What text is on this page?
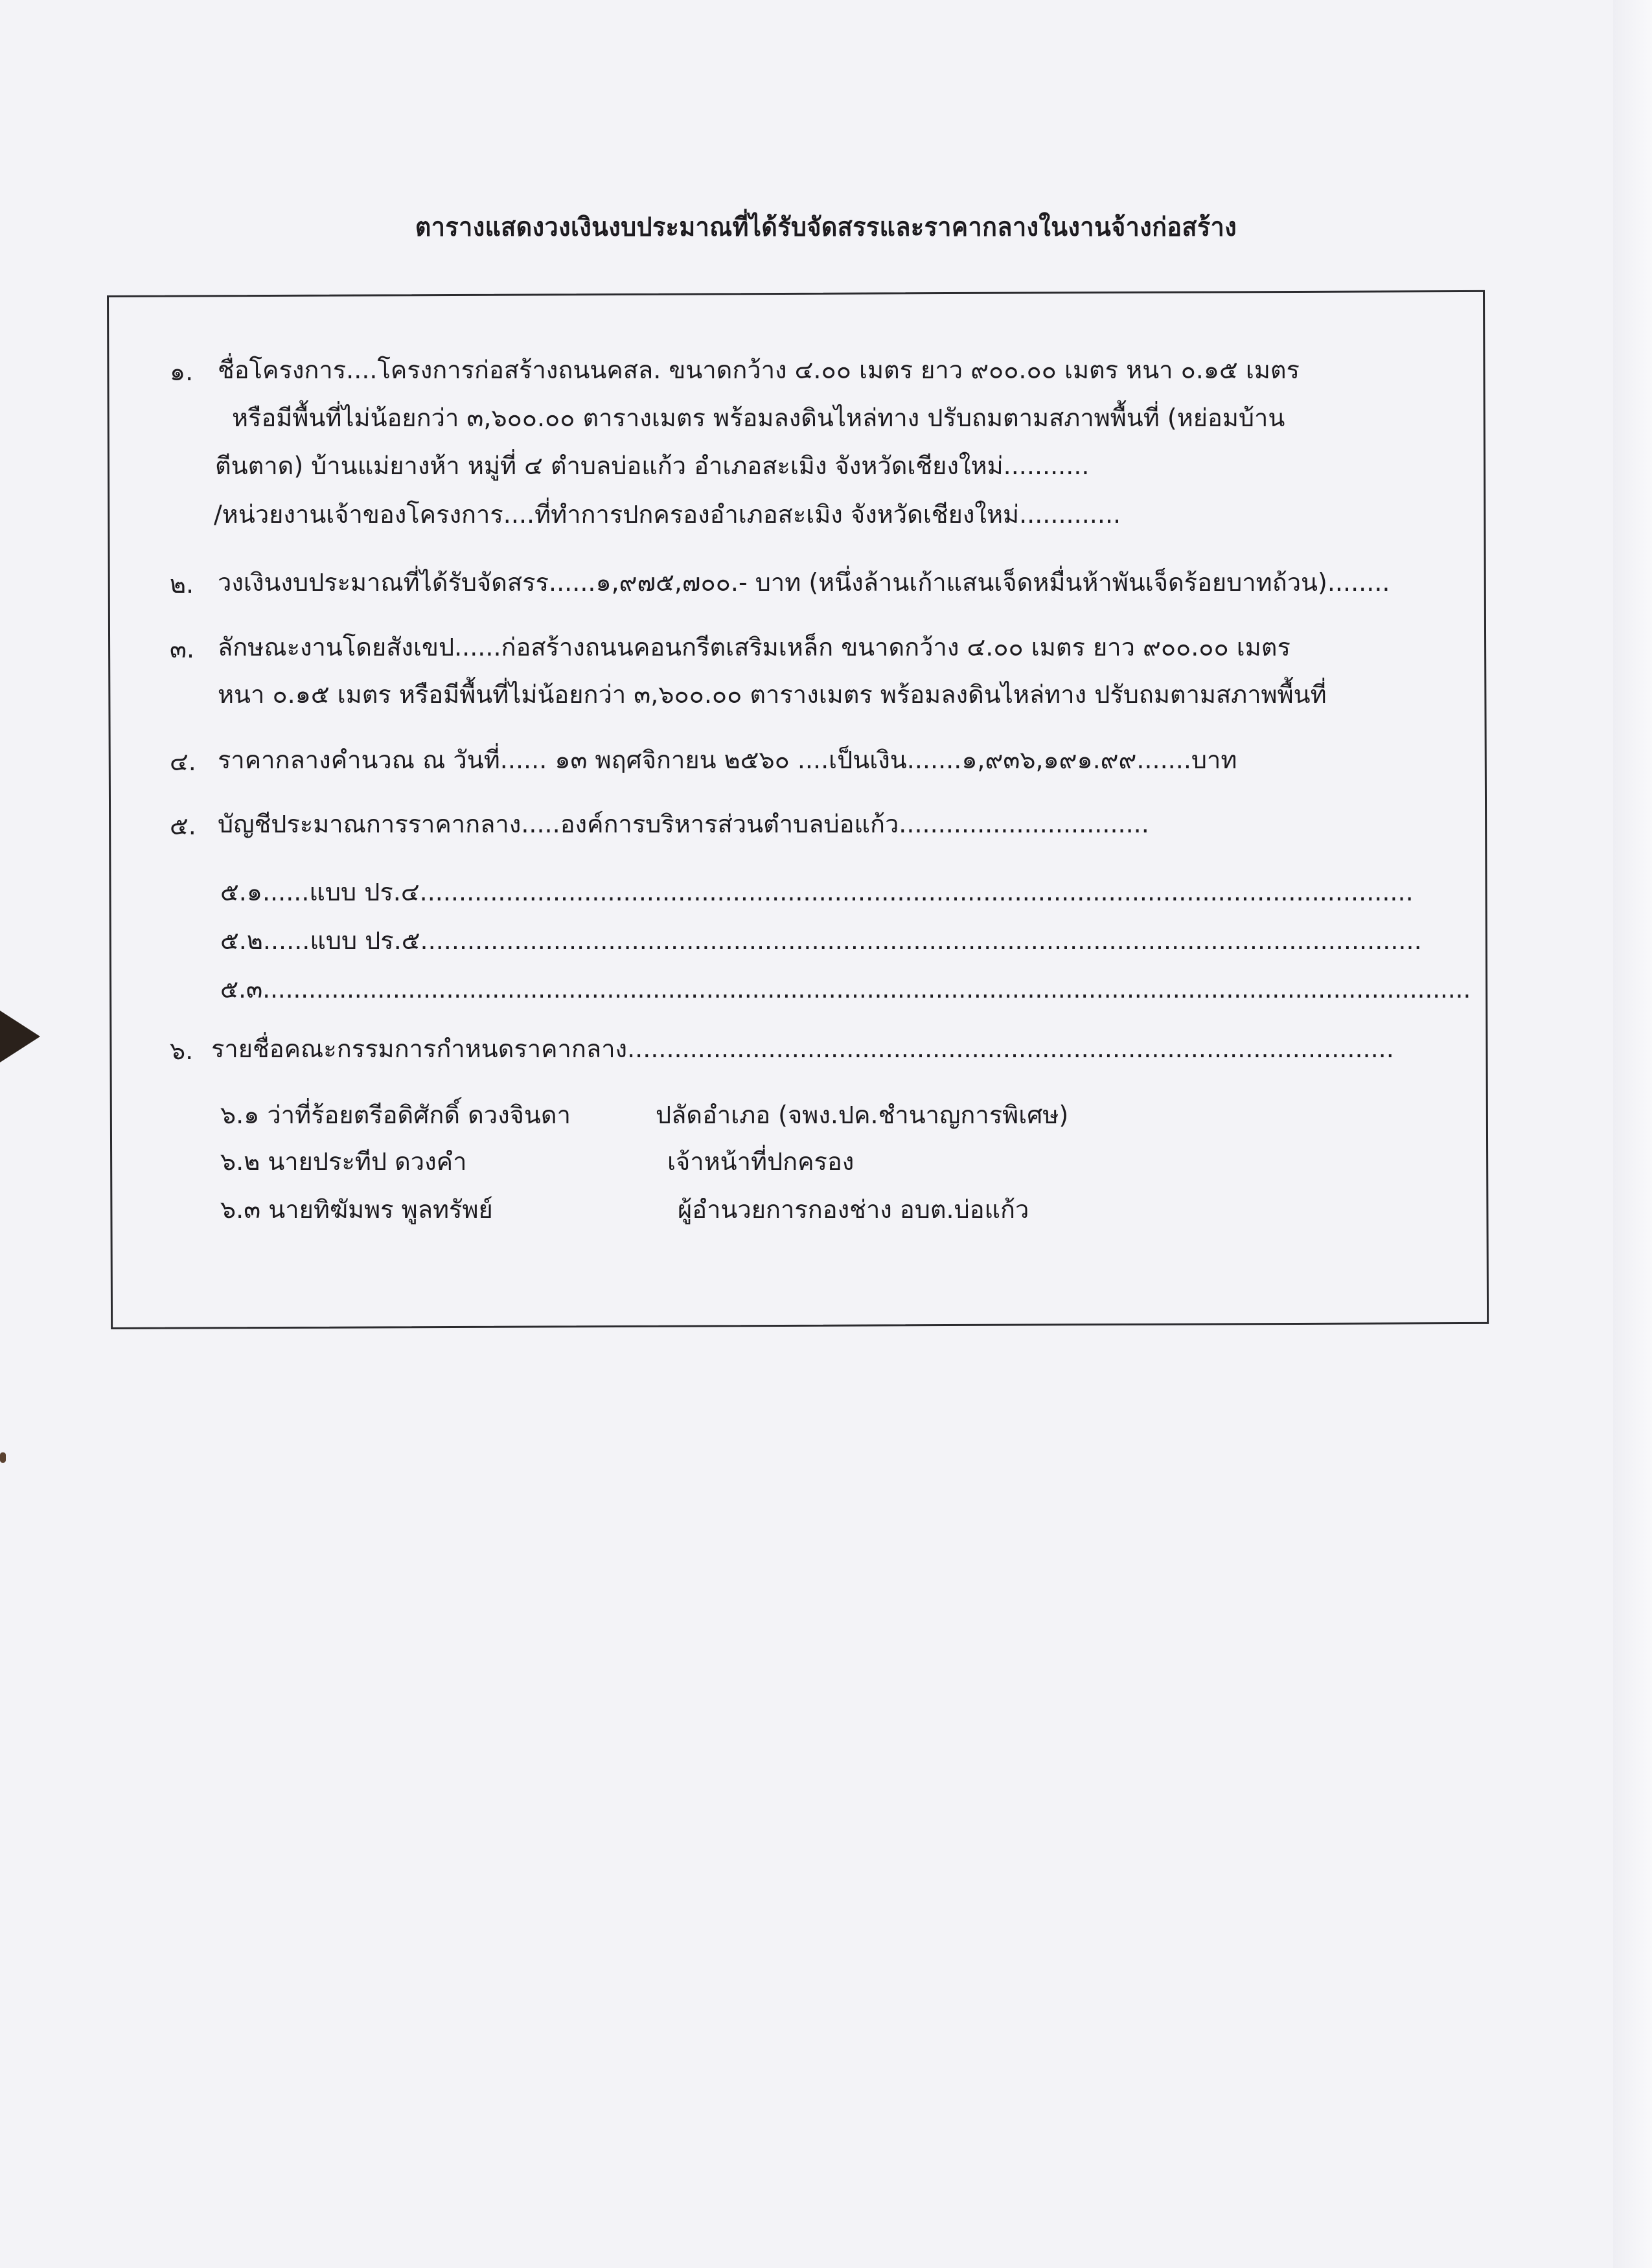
ตารางแสดงวงเงินงบประมาณที่ได้รับจัดสรรและราคากลางในงานจ้างก่อสร้าง
๑. ชื่อโครงการ....โครงการก่อสร้างถนนคสล. ขนาดกว้าง ๔.๐๐ เมตร ยาว ๙๐๐.๐๐ เมตร หนา ๐.๑๕ เมตร
หรือมีพื้นที่ไม่น้อยกว่า ๓,๖๐๐.๐๐ ตารางเมตร พร้อมลงดินไหล่ทาง ปรับถมตามสภาพพื้นที่ (หย่อมบ้าน
ตีนตาด) บ้านแม่ยางห้า หมู่ที่ ๔ ตำบลบ่อแก้ว อำเภอสะเมิง จังหวัดเชียงใหม่...........
/หน่วยงานเจ้าของโครงการ....ที่ทำการปกครองอำเภอสะเมิง จังหวัดเชียงใหม่.............
๒. วงเงินงบประมาณที่ได้รับจัดสรร......๑,๙๗๕,๗๐๐.- บาท (หนึ่งล้านเก้าแสนเจ็ดหมื่นห้าพันเจ็ดร้อยบาทถ้วน)........
๓. ลักษณะงานโดยสังเขป......ก่อสร้างถนนคอนกรีตเสริมเหล็ก ขนาดกว้าง ๔.๐๐ เมตร ยาว ๙๐๐.๐๐ เมตร
หนา ๐.๑๕ เมตร หรือมีพื้นที่ไม่น้อยกว่า ๓,๖๐๐.๐๐ ตารางเมตร พร้อมลงดินไหล่ทาง ปรับถมตามสภาพพื้นที่
๔. ราคากลางคำนวณ ณ วันที่...... ๑๓ พฤศจิกายน ๒๕๖๐ ....เป็นเงิน.......๑,๙๓๖,๑๙๑.๙๙.......บาท
๕. บัญชีประมาณการราคากลาง.....องค์การบริหารส่วนตำบลบ่อแก้ว................................
๕.๑......แบบ ปร.๔...............................................................................................................................
๕.๒......แบบ ปร.๕................................................................................................................................
๕.๓..............................................................................................................................................................
๖. รายชื่อคณะกรรมการกำหนดราคากลาง..................................................................................................
๖.๑ ว่าที่ร้อยตรีอดิศักดิ์ ดวงจินดา	ปลัดอำเภอ (จพง.ปค.ชำนาญการพิเศษ)
๖.๒ นายประทีป ดวงคำ	เจ้าหน้าที่ปกครอง
๖.๓ นายทิฆัมพร พูลทรัพย์	ผู้อำนวยการกองช่าง อบต.บ่อแก้ว
